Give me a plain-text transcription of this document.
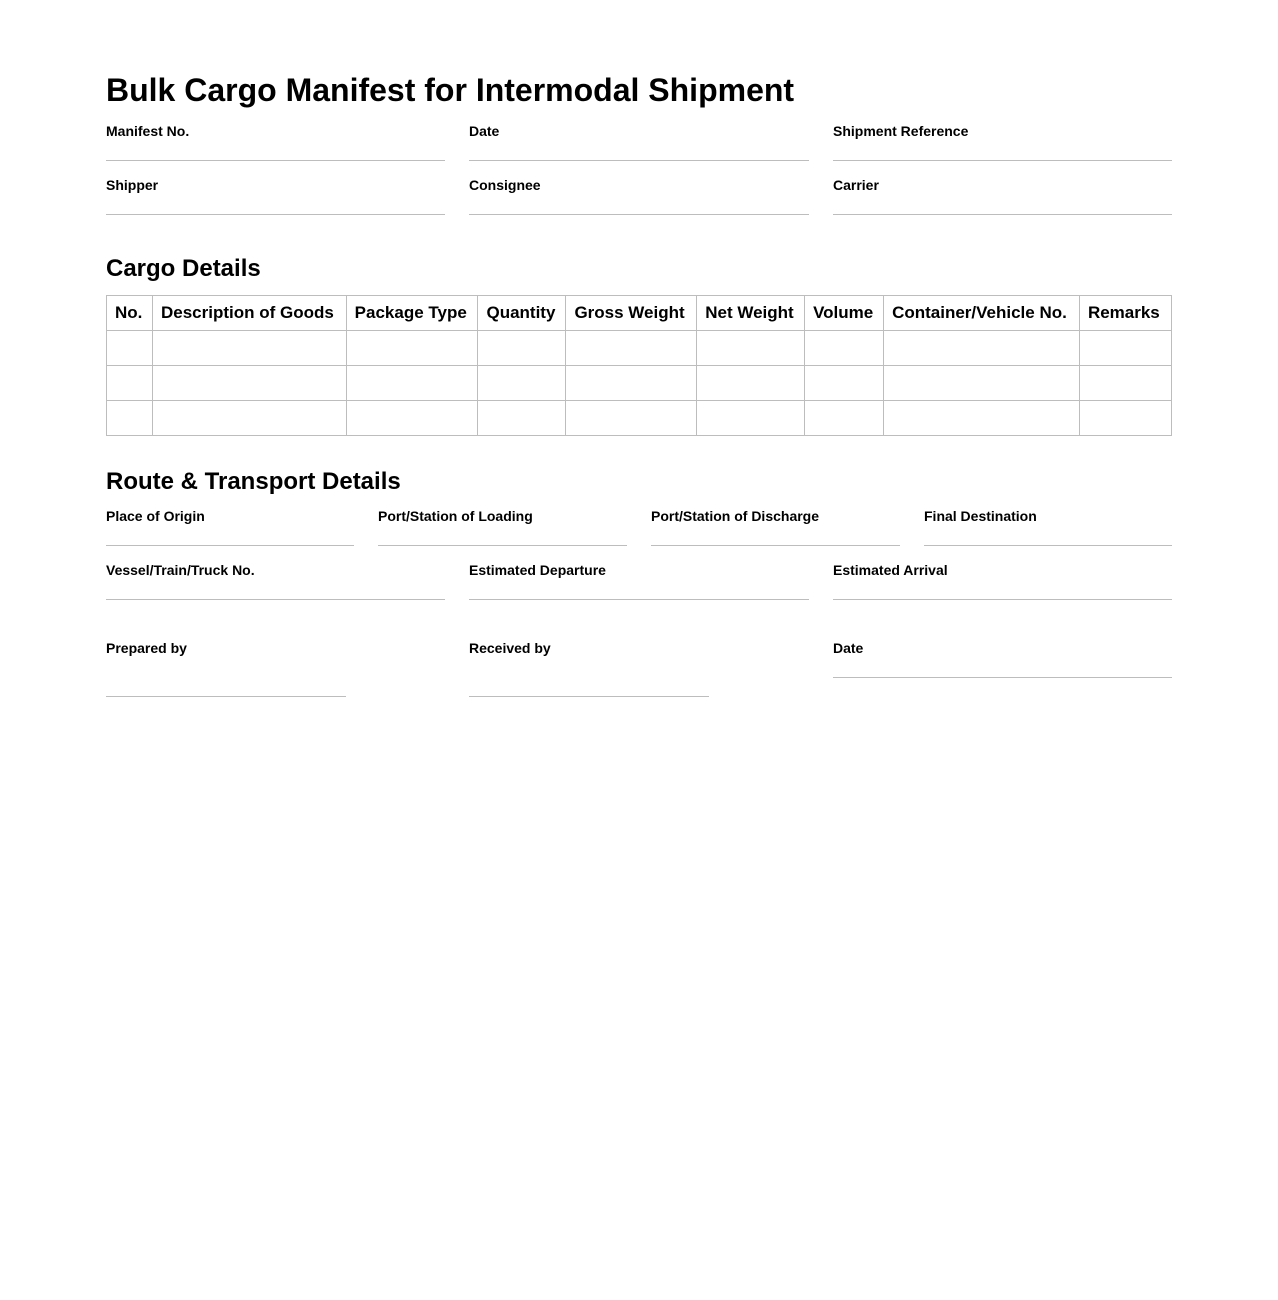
Bulk Cargo Manifest for Intermodal Shipment
Manifest No.	Date	Shipment Reference
Shipper	Consignee	Carrier
Cargo Details
No.	Description of Goods	Package Type	Quantity	Gross Weight	Net Weight	Volume	Container/Vehicle No.	Remarks

Route & Transport Details
Place of Origin	Port/Station of Loading	Port/Station of Discharge	Final Destination
Vessel/Train/Truck No.	Estimated Departure	Estimated Arrival
Prepared by	Received by	Date
